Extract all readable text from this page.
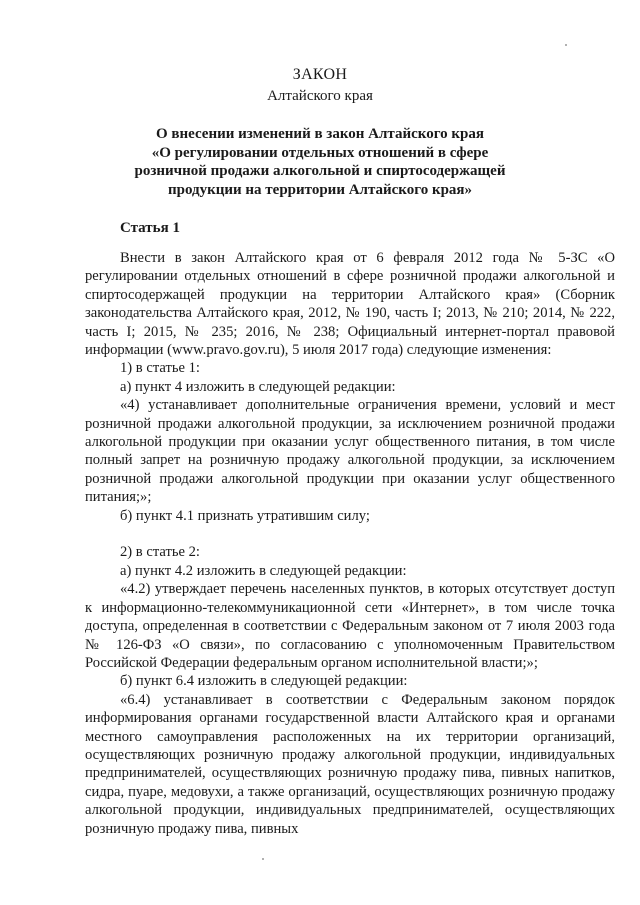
ЗАКОН
Алтайского края
О внесении изменений в закон Алтайского края
«О регулировании отдельных отношений в сфере
розничной продажи алкогольной и спиртосодержащей
продукции на территории Алтайского края»
Статья 1

Внести в закон Алтайского края от 6 февраля 2012 года № 5-ЗС «О регулировании отдельных отношений в сфере розничной продажи алкогольной и спиртосодержащей продукции на территории Алтайского края» (Сборник законодательства Алтайского края, 2012, № 190, часть I; 2013, № 210; 2014, № 222, часть I; 2015, № 235; 2016, № 238; Официальный интернет-портал правовой информации (www.pravo.gov.ru), 5 июля 2017 года) следующие изменения:

1) в статье 1:

а) пункт 4 изложить в следующей редакции:

«4) устанавливает дополнительные ограничения времени, условий и мест розничной продажи алкогольной продукции, за исключением розничной продажи алкогольной продукции при оказании услуг общественного питания, в том числе полный запрет на розничную продажу алкогольной продукции, за исключением розничной продажи алкогольной продукции при оказании услуг общественного питания;»;

б) пункт 4.1 признать утратившим силу;

2) в статье 2:

а) пункт 4.2 изложить в следующей редакции:

«4.2) утверждает перечень населенных пунктов, в которых отсутствует доступ к информационно-телекоммуникационной сети «Интернет», в том числе точка доступа, определенная в соответствии с Федеральным законом от 7 июля 2003 года № 126-ФЗ «О связи», по согласованию с уполномоченным Правительством Российской Федерации федеральным органом исполнительной власти;»;

б) пункт 6.4 изложить в следующей редакции:

«6.4) устанавливает в соответствии с Федеральным законом порядок информирования органами государственной власти Алтайского края и органами местного самоуправления расположенных на их территории организаций, осуществляющих розничную продажу алкогольной продукции, индивидуальных предпринимателей, осуществляющих розничную продажу пива, пивных напитков, сидра, пуаре, медовухи, а также организаций, осуществляющих розничную продажу алкогольной продукции, индивидуальных предпринимателей, осуществляющих розничную продажу пива, пивных
